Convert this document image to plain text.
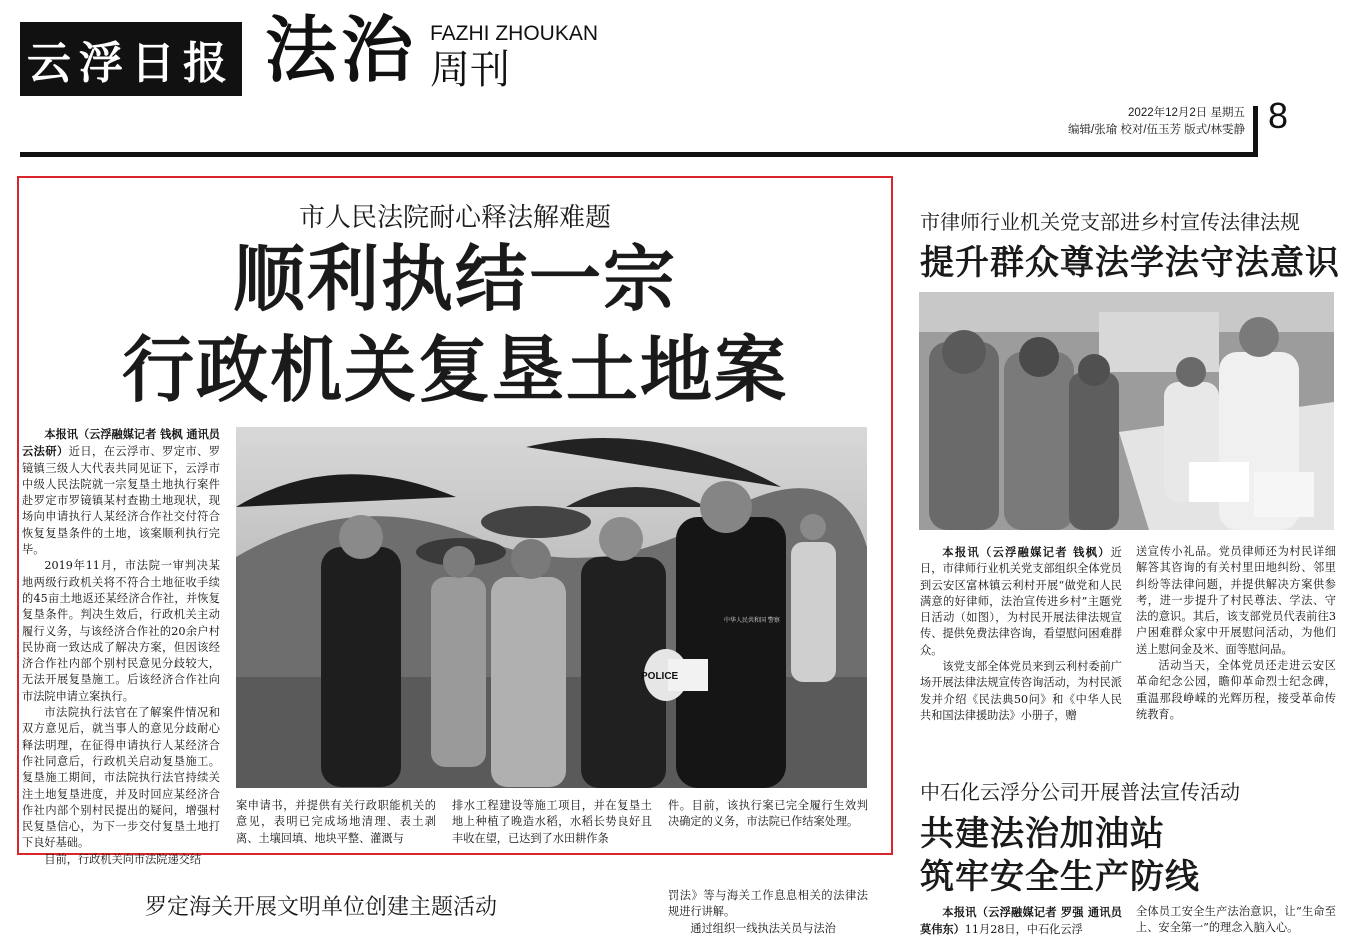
云浮日报 法治 FAZHI ZHOUKAN
周刊
2022年12月2日 星期五
编辑/张瑜 校对/伍玉芳 版式/林雯静 8
市人民法院耐心释法解难题
顺利执结一宗
行政机关复垦土地案

本报讯（云浮融媒记者 钱枫 通讯员 云法研）近日，在云浮市、罗定市、罗镜镇三级人大代表共同见证下，云浮市中级人民法院就一宗复垦土地执行案件赴罗定市罗镜镇某村查勘土地现状，现场向申请执行人某经济合作社交付符合恢复复垦条件的土地，该案顺利执行完毕。

2019年11月，市法院一审判决某地两级行政机关将不符合土地征收手续的45亩土地返还某经济合作社，并恢复复垦条件。判决生效后，行政机关主动履行义务，与该经济合作社的20余户村民协商一致达成了解决方案，但因该经济合作社内部个别村民意见分歧较大，无法开展复垦施工。后该经济合作社向市法院申请立案执行。

市法院执行法官在了解案件情况和双方意见后，就当事人的意见分歧耐心释法明理，在征得申请执行人某经济合作社同意后，行政机关启动复垦施工。复垦施工期间，市法院执行法官持续关注土地复垦进度，并及时回应某经济合作社内部个别村民提出的疑问，增强村民复垦信心，为下一步交付复垦土地打下良好基础。

目前，行政机关向市法院递交结

POLICE
中华人民共和国 警察

案申请书，并提供有关行政职能机关的意见，表明已完成场地清理、表土剥离、土壤回填、地块平整、灌溉与

排水工程建设等施工项目，并在复垦土地上种植了晚造水稻，水稻长势良好且丰收在望，已达到了水田耕作条

件。目前，该执行案已完全履行生效判决确定的义务，市法院已作结案处理。

市律师行业机关党支部进乡村宣传法律法规
提升群众尊法学法守法意识

本报讯（云浮融媒记者 钱枫）近日，市律师行业机关党支部组织全体党员到云安区富林镇云利村开展“做党和人民满意的好律师，法治宣传进乡村”主题党日活动（如图），为村民开展法律法规宣传、提供免费法律咨询，看望慰问困难群众。

该党支部全体党员来到云利村委前广场开展法律法规宣传咨询活动，为村民派发并介绍《民法典50问》和《中华人民共和国法律援助法》小册子，赠

送宣传小礼品。党员律师还为村民详细解答其咨询的有关村里田地纠纷、邻里纠纷等法律问题，并提供解决方案供参考，进一步提升了村民尊法、学法、守法的意识。其后，该支部党员代表前往3户困难群众家中开展慰问活动，为他们送上慰问金及米、面等慰问品。

活动当天，全体党员还走进云安区革命纪念公园，瞻仰革命烈士纪念碑，重温那段峥嵘的光辉历程，接受革命传统教育。

中石化云浮分公司开展普法宣传活动
共建法治加油站
筑牢安全生产防线

本报讯（云浮融媒记者 罗强 通讯员 莫伟东）11月28日，中石化云浮

全体员工安全生产法治意识，让“生命至上、安全第一”的理念入脑入心。

罗定海关开展文明单位创建主题活动	罚法》等与海关工作息息相关的法律法规进行讲解。

通过组织一线执法关员与法治
